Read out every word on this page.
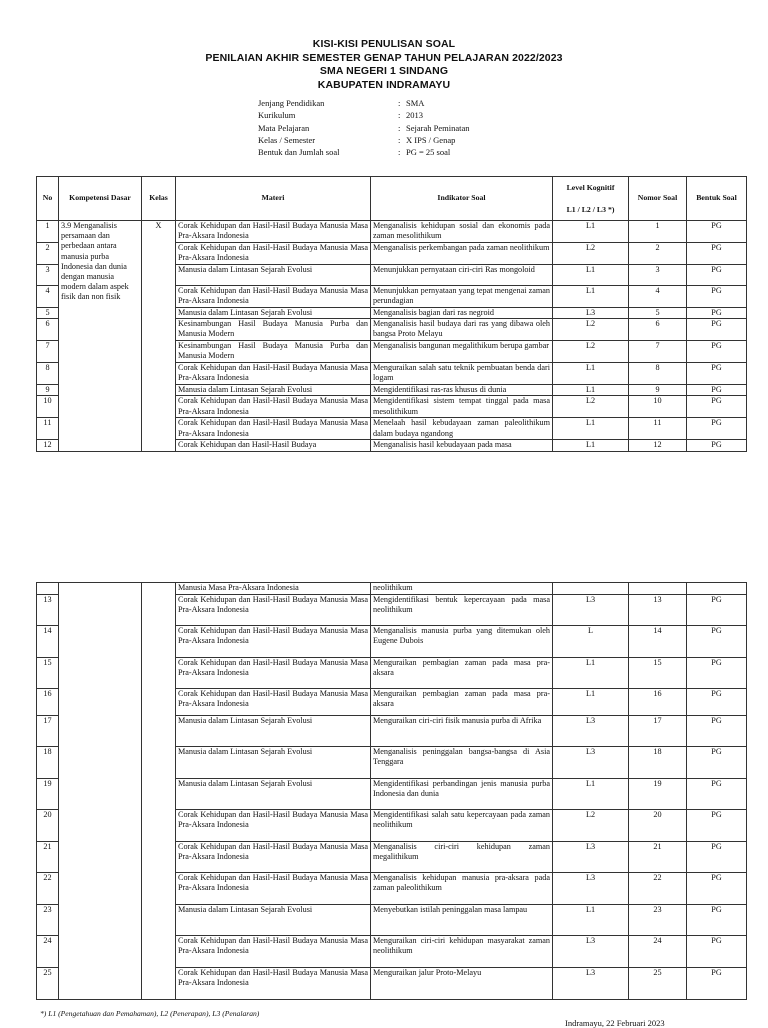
KISI-KISI PENULISAN SOAL
PENILAIAN AKHIR SEMESTER GENAP TAHUN PELAJARAN 2022/2023
SMA NEGERI 1 SINDANG
KABUPATEN INDRAMAYU
Jenjang Pendidikan	: SMA
Kurikulum	: 2013
Mata Pelajaran	: Sejarah Peminatan
Kelas / Semester	: X IPS / Genap
Bentuk dan Jumlah soal	: PG = 25 soal
No	Kompetensi Dasar	Kelas	Materi	Indikator Soal	Level Kognitif
L1 / L2 / L3 *)	Nomor Soal	Bentuk Soal
1	3.9 Menganalisis persamaan dan perbedaan antara manusia purba Indonesia dan dunia dengan manusia modern dalam aspek fisik dan non fisik	X	Corak Kehidupan dan Hasil-Hasil Budaya Manusia Masa Pra-Aksara Indonesia	Menganalisis kehidupan sosial dan ekonomis pada zaman mesolithikum	L1	1	PG
2			Corak Kehidupan dan Hasil-Hasil Budaya Manusia Masa Pra-Aksara Indonesia	Menganalisis perkembangan pada zaman neolithikum	L2	2	PG
3			Manusia dalam Lintasan Sejarah Evolusi	Menunjukkan pernyataan ciri-ciri Ras mongoloid	L1	3	PG
4			Corak Kehidupan dan Hasil-Hasil Budaya Manusia Masa Pra-Aksara Indonesia	Menunjukkan pernyataan yang tepat mengenai zaman perundagian	L1	4	PG
5			Manusia dalam Lintasan Sejarah Evolusi	Menganalisis bagian dari ras negroid	L3	5	PG
6			Kesinambungan Hasil Budaya Manusia Purba dan Manusia Modern	Menganalisis hasil budaya dari ras yang dibawa oleh bangsa Proto Melayu	L2	6	PG
7			Kesinambungan Hasil Budaya Manusia Purba dan Manusia Modern	Menganalisis bangunan megalithikum berupa gambar	L2	7	PG
8			Corak Kehidupan dan Hasil-Hasil Budaya Manusia Masa Pra-Aksara Indonesia	Menguraikan salah satu teknik pembuatan benda dari logam	L1	8	PG
9			Manusia dalam Lintasan Sejarah Evolusi	Mengidentifikasi ras-ras khusus di dunia	L1	9	PG
10			Corak Kehidupan dan Hasil-Hasil Budaya Manusia Masa Pra-Aksara Indonesia	Mengidentifikasi sistem tempat tinggal pada masa mesolithikum	L2	10	PG
11			Corak Kehidupan dan Hasil-Hasil Budaya Manusia Masa Pra-Aksara Indonesia	Menelaah hasil kebudayaan zaman paleolithikum dalam budaya ngandong	L1	11	PG
12			Corak Kehidupan dan Hasil-Hasil Budaya	Menganalisis hasil kebudayaan pada masa	L1	12	PG
			Manusia Masa Pra-Aksara Indonesia	neolithikum			
13			Corak Kehidupan dan Hasil-Hasil Budaya Manusia Masa Pra-Aksara Indonesia	Mengidentifikasi bentuk kepercayaan pada masa neolithikum	L3	13	PG
14			Corak Kehidupan dan Hasil-Hasil Budaya Manusia Masa Pra-Aksara Indonesia	Menganalisis manusia purba yang ditemukan oleh Eugene Dubois	L	14	PG
15			Corak Kehidupan dan Hasil-Hasil Budaya Manusia Masa Pra-Aksara Indonesia	Menguraikan pembagian zaman pada masa pra-aksara	L1	15	PG
16			Corak Kehidupan dan Hasil-Hasil Budaya Manusia Masa Pra-Aksara Indonesia	Menguraikan pembagian zaman pada masa pra-aksara	L1	16	PG
17			Manusia dalam Lintasan Sejarah Evolusi	Menguraikan ciri-ciri fisik manusia purba di Afrika	L3	17	PG
18			Manusia dalam Lintasan Sejarah Evolusi	Menganalisis peninggalan bangsa-bangsa di Asia Tenggara	L3	18	PG
19			Manusia dalam Lintasan Sejarah Evolusi	Mengidentifikasi perbandingan jenis manusia purba Indonesia dan dunia	L1	19	PG
20			Corak Kehidupan dan Hasil-Hasil Budaya Manusia Masa Pra-Aksara Indonesia	Mengidentifikasi salah satu kepercayaan pada zaman neolithikum	L2	20	PG
21			Corak Kehidupan dan Hasil-Hasil Budaya Manusia Masa Pra-Aksara Indonesia	Menganalisis ciri-ciri kehidupan zaman megalithikum	L3	21	PG
22			Corak Kehidupan dan Hasil-Hasil Budaya Manusia Masa Pra-Aksara Indonesia	Menganalisis kehidupan manusia pra-aksara pada zaman paleolithikum	L3	22	PG
23			Manusia dalam Lintasan Sejarah Evolusi	Menyebutkan istilah peninggalan masa lampau	L1	23	PG
24			Corak Kehidupan dan Hasil-Hasil Budaya Manusia Masa Pra-Aksara Indonesia	Menguraikan ciri-ciri kehidupan masyarakat zaman neolithikum	L3	24	PG
25			Corak Kehidupan dan Hasil-Hasil Budaya Manusia Masa Pra-Aksara Indonesia	Menguraikan jalur Proto-Melayu	L3	25	PG
*) L1 (Pengetahuan dan Pemahaman), L2 (Penerapan), L3 (Penalaran)
Indramayu, 22 Februari 2023
